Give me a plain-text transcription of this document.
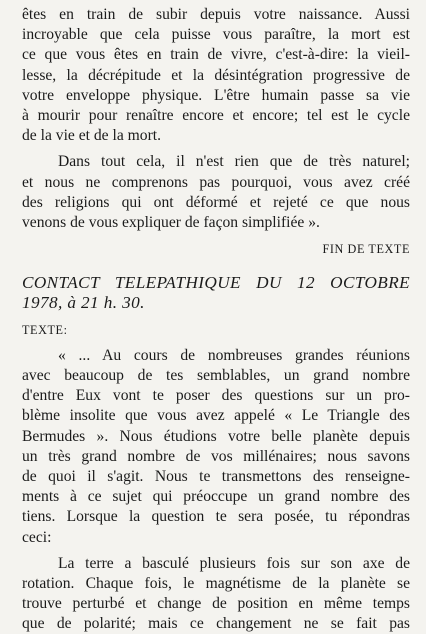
êtes en train de subir depuis votre naissance. Aussi
incroyable que cela puisse vous paraître, la mort est
ce que vous êtes en train de vivre, c'est-à-dire: la vieil-
lesse, la décrépitude et la désintégration progressive de
votre enveloppe physique. L'être humain passe sa vie
à mourir pour renaître encore et encore; tel est le cycle
de la vie et de la mort.
Dans tout cela, il n'est rien que de très naturel;
et nous ne comprenons pas pourquoi, vous avez créé
des religions qui ont déformé et rejeté ce que nous
venons de vous expliquer de façon simplifiée ».
FIN DE TEXTE
CONTACT TELEPATHIQUE DU 12 OCTOBRE
1978, à 21 h. 30.
TEXTE:
« ... Au cours de nombreuses grandes réunions
avec beaucoup de tes semblables, un grand nombre
d'entre Eux vont te poser des questions sur un pro-
blème insolite que vous avez appelé « Le Triangle des
Bermudes ». Nous étudions votre belle planète depuis
un très grand nombre de vos millénaires; nous savons
de quoi il s'agit. Nous te transmettons des renseigne-
ments à ce sujet qui préoccupe un grand nombre des
tiens. Lorsque la question te sera posée, tu répondras
ceci:
La terre a basculé plusieurs fois sur son axe de
rotation. Chaque fois, le magnétisme de la planète se
trouve perturbé et change de position en même temps
que de polarité; mais ce changement ne se fait pas
